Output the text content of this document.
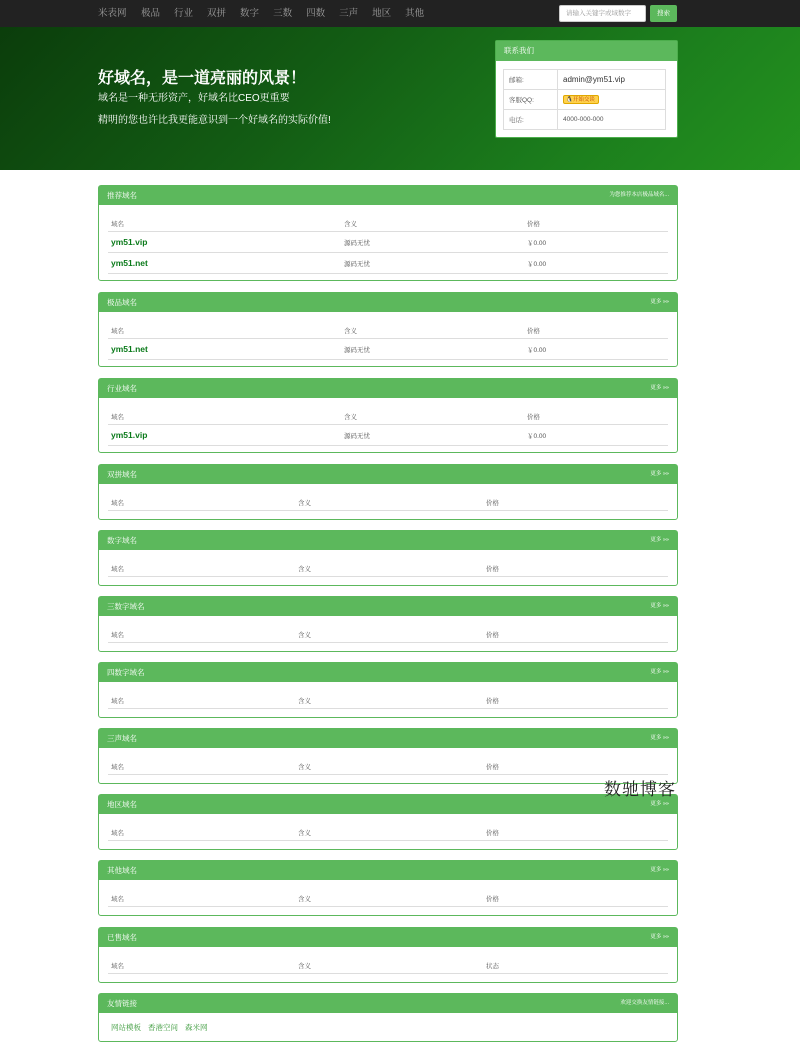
米表网 极品 行业 双拼 数字 三数 四数 三声 地区 其他
请输入关键字或域数字	搜索
好域名，是一道亮丽的风景！
域名是一种无形资产，好域名比CEO更重要
精明的您也许比我更能意识到一个好域名的实际价值!
联系我们
邮箱:	admin@ym51.vip
客服QQ:	🐧开始交谈
电话:	4000-000-000
推荐域名	为您推荐本店极品域名...
域名	含义	价格
ym51.vip	源码无忧	￥0.00
ym51.net	源码无忧	￥0.00
极品域名	更多 »»
域名	含义	价格
ym51.net	源码无忧	￥0.00
行业域名	更多 »»
域名	含义	价格
ym51.vip	源码无忧	￥0.00
双拼域名	更多 »»
域名	含义	价格
数字域名	更多 »»
域名	含义	价格
三数字域名	更多 »»
域名	含义	价格
四数字域名	更多 »»
域名	含义	价格
三声域名	更多 »»
域名	含义	价格
地区域名	更多 »»
域名	含义	价格
其他域名	更多 »»
域名	含义	价格
已售域名	更多 »»
域名	含义	状态
友情链接	欢迎交换友情链接...
网站模板 香港空间 森米网
数驰博客
